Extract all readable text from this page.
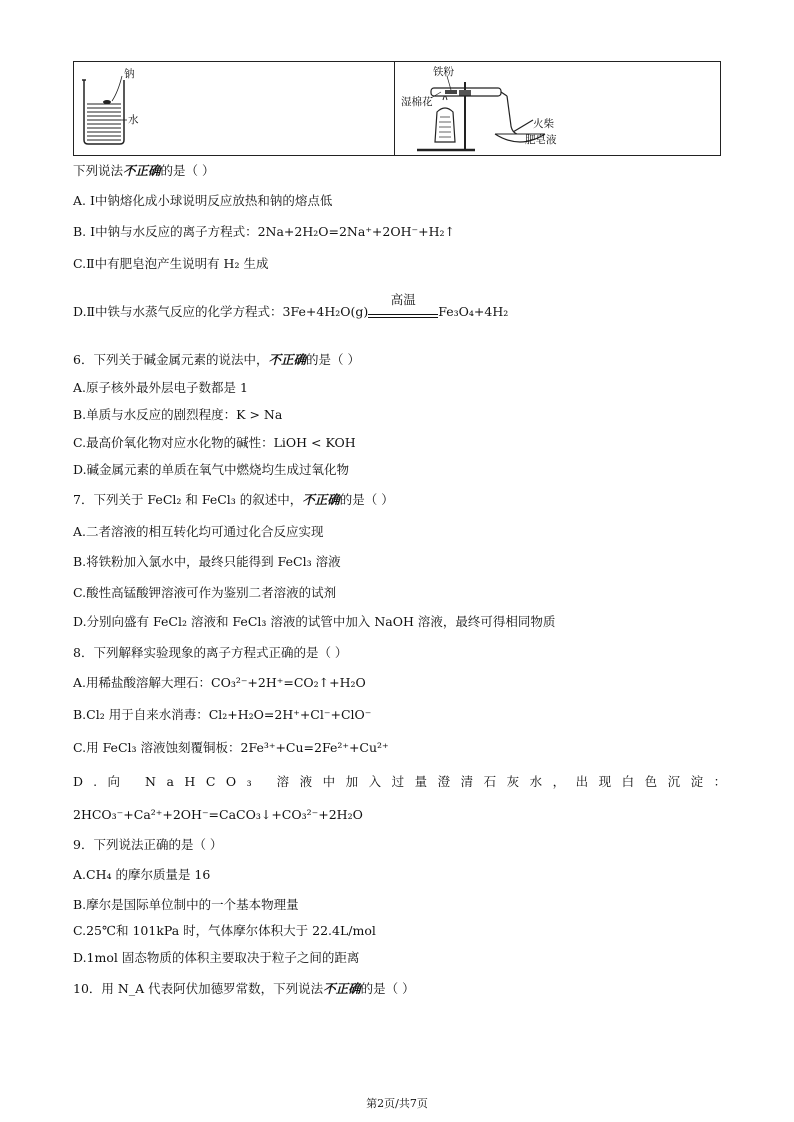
钠
水
铁粉
湿棉花
火柴
肥皂液
下列说法不正确的是（ ）
A. Ⅰ中钠熔化成小球说明反应放热和钠的熔点低
B. Ⅰ中钠与水反应的离子方程式：2Na+2H₂O=2Na⁺+2OH⁻+H₂↑
C.Ⅱ中有肥皂泡产生说明有 H₂ 生成
D.Ⅱ中铁与水蒸气反应的化学方程式：3Fe+4H₂O(g)
高温
Fe₃O₄+4H₂
6．下列关于碱金属元素的说法中，不正确的是（ ）
A.原子核外最外层电子数都是 1
B.单质与水反应的剧烈程度：K > Na
C.最高价氧化物对应水化物的碱性：LiOH < KOH
D.碱金属元素的单质在氧气中燃烧均生成过氧化物
7．下列关于 FeCl₂ 和 FeCl₃ 的叙述中，不正确的是（ ）
A.二者溶液的相互转化均可通过化合反应实现
B.将铁粉加入氯水中，最终只能得到 FeCl₃ 溶液
C.酸性高锰酸钾溶液可作为鉴别二者溶液的试剂
D.分别向盛有 FeCl₂ 溶液和 FeCl₃ 溶液的试管中加入 NaOH 溶液，最终可得相同物质
8．下列解释实验现象的离子方程式正确的是（ ）
A.用稀盐酸溶解大理石：CO₃²⁻+2H⁺=CO₂↑+H₂O
B.Cl₂ 用于自来水消毒：Cl₂+H₂O=2H⁺+Cl⁻+ClO⁻
C.用 FeCl₃ 溶液蚀刻覆铜板：2Fe³⁺+Cu=2Fe²⁺+Cu²⁺
D.向 NaHCO₃ 溶液中加入过量澄清石灰水，出现白色沉淀：
2HCO₃⁻+Ca²⁺+2OH⁻=CaCO₃↓+CO₃²⁻+2H₂O
9．下列说法正确的是（ ）
A.CH₄ 的摩尔质量是 16
B.摩尔是国际单位制中的一个基本物理量
C.25℃和 101kPa 时，气体摩尔体积大于 22.4L/mol
D.1mol 固态物质的体积主要取决于粒子之间的距离
10．用 N_A 代表阿伏加德罗常数，下列说法不正确的是（ ）
第2页/共7页
